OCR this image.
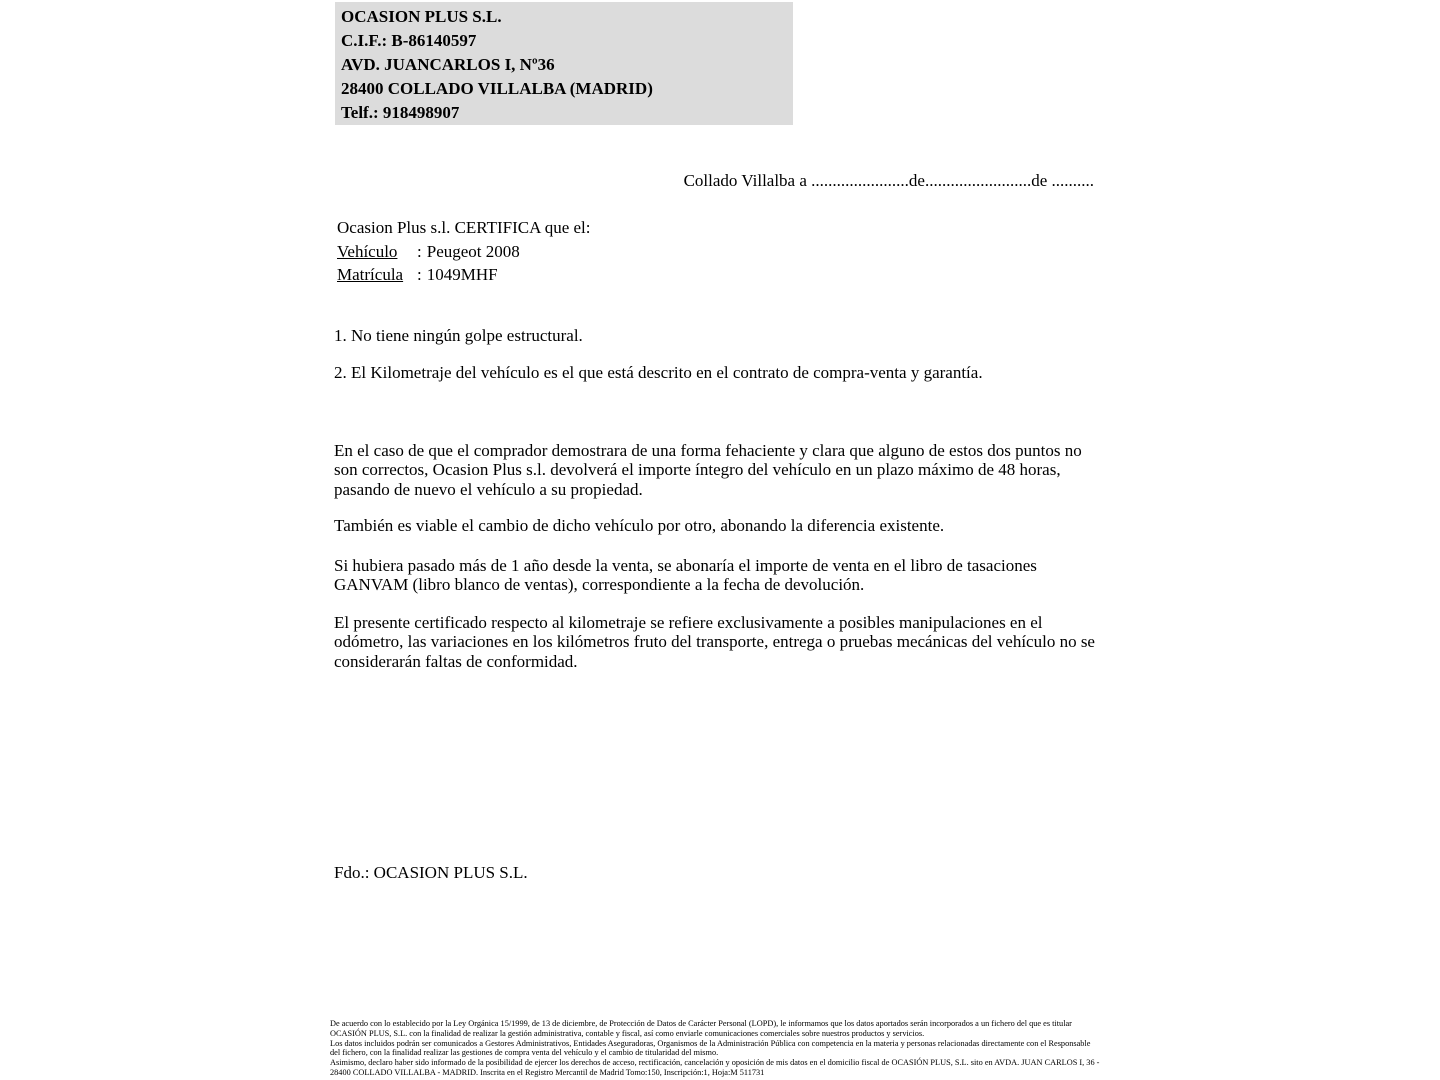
OCASION PLUS S.L.
C.I.F.: B-86140597
AVD. JUANCARLOS I, Nº36
28400 COLLADO VILLALBA (MADRID)
Telf.: 918498907
Collado Villalba a .......................de.........................de ..........
Ocasion Plus s.l. CERTIFICA que el:
Vehículo : Peugeot 2008
Matrícula : 1049MHF
1. No tiene ningún golpe estructural.
2. El Kilometraje del vehículo es el que está descrito en el contrato de compra-venta y garantía.
En el caso de que el comprador demostrara de una forma fehaciente y clara que alguno de estos dos puntos no son correctos, Ocasion Plus s.l. devolverá el importe íntegro del vehículo en un plazo máximo de 48 horas, pasando de nuevo el vehículo a su propiedad.
También es viable el cambio de dicho vehículo por otro, abonando la diferencia existente.
Si hubiera pasado más de 1 año desde la venta, se abonaría el importe de venta en el libro de tasaciones GANVAM (libro blanco de ventas), correspondiente a la fecha de devolución.
El presente certificado respecto al kilometraje se refiere exclusivamente a posibles manipulaciones en el odómetro, las variaciones en los kilómetros fruto del transporte, entrega o pruebas mecánicas del vehículo no se considerarán faltas de conformidad.
Fdo.: OCASION PLUS S.L.

De acuerdo con lo establecido por la Ley Orgánica 15/1999, de 13 de diciembre, de Protección de Datos de Carácter Personal (LOPD), le informamos que los datos aportados serán incorporados a un fichero del que es titular OCASIÓN PLUS, S.L. con la finalidad de realizar la gestión administrativa, contable y fiscal, así como enviarle comunicaciones comerciales sobre nuestros productos y servicios.

Los datos incluidos podrán ser comunicados a Gestores Administrativos, Entidades Aseguradoras, Organismos de la Administración Pública con competencia en la materia y personas relacionadas directamente con el Responsable del fichero, con la finalidad realizar las gestiones de compra venta del vehículo y el cambio de titularidad del mismo.

Asimismo, declaro haber sido informado de la posibilidad de ejercer los derechos de acceso, rectificación, cancelación y oposición de mis datos en el domicilio fiscal de OCASIÓN PLUS, S.L. sito en AVDA. JUAN CARLOS I, 36 - 28400 COLLADO VILLALBA - MADRID. Inscrita en el Registro Mercantil de Madrid Tomo:150, Inscripción:1, Hoja:M 511731
